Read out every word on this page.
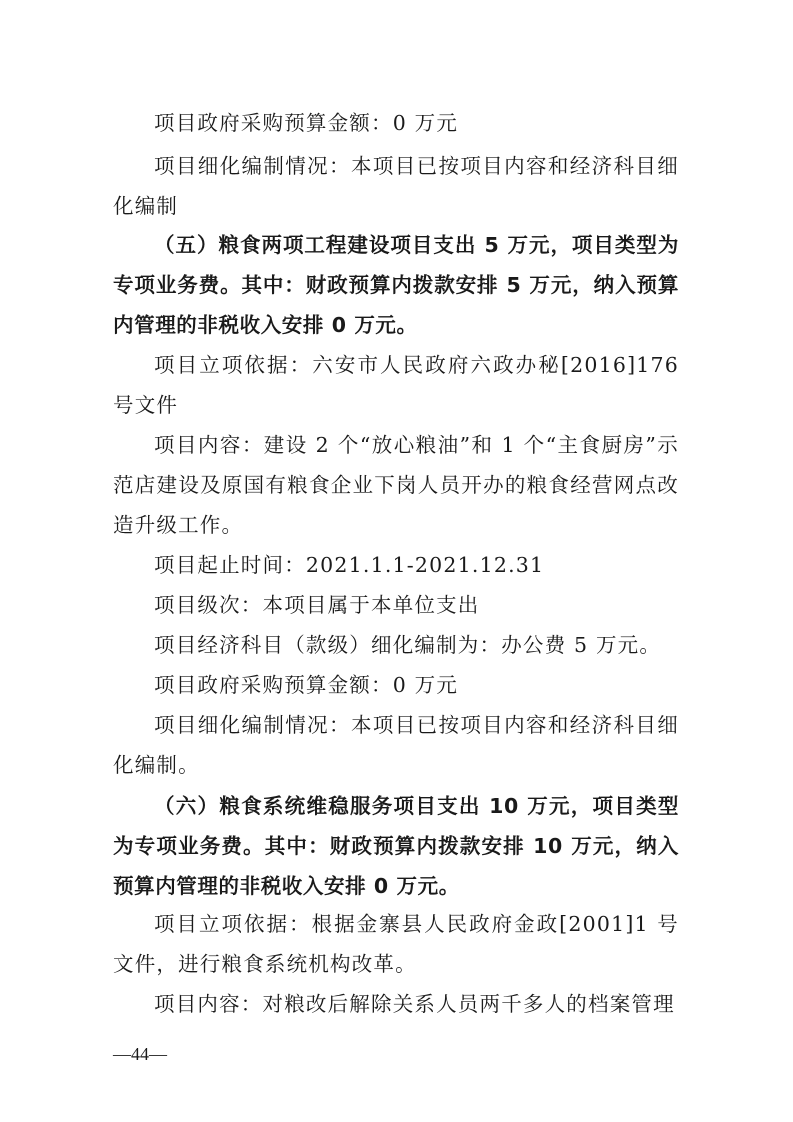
项目政府采购预算金额：0 万元

项目细化编制情况：本项目已按项目内容和经济科目细化编制

（五）粮食两项工程建设项目支出 5 万元，项目类型为专项业务费。其中：财政预算内拨款安排 5 万元，纳入预算内管理的非税收入安排 0 万元。

项目立项依据：六安市人民政府六政办秘[2016]176 号文件

项目内容：建设 2 个“放心粮油”和 1 个“主食厨房”示范店建设及原国有粮食企业下岗人员开办的粮食经营网点改造升级工作。

项目起止时间：2021.1.1-2021.12.31

项目级次：本项目属于本单位支出

项目经济科目（款级）细化编制为：办公费 5 万元。

项目政府采购预算金额：0 万元

项目细化编制情况：本项目已按项目内容和经济科目细化编制。

（六）粮食系统维稳服务项目支出 10 万元，项目类型为专项业务费。其中：财政预算内拨款安排 10 万元，纳入预算内管理的非税收入安排 0 万元。

项目立项依据：根据金寨县人民政府金政[2001]1 号文件，进行粮食系统机构改革。

项目内容：对粮改后解除关系人员两千多人的档案管理

—44—
